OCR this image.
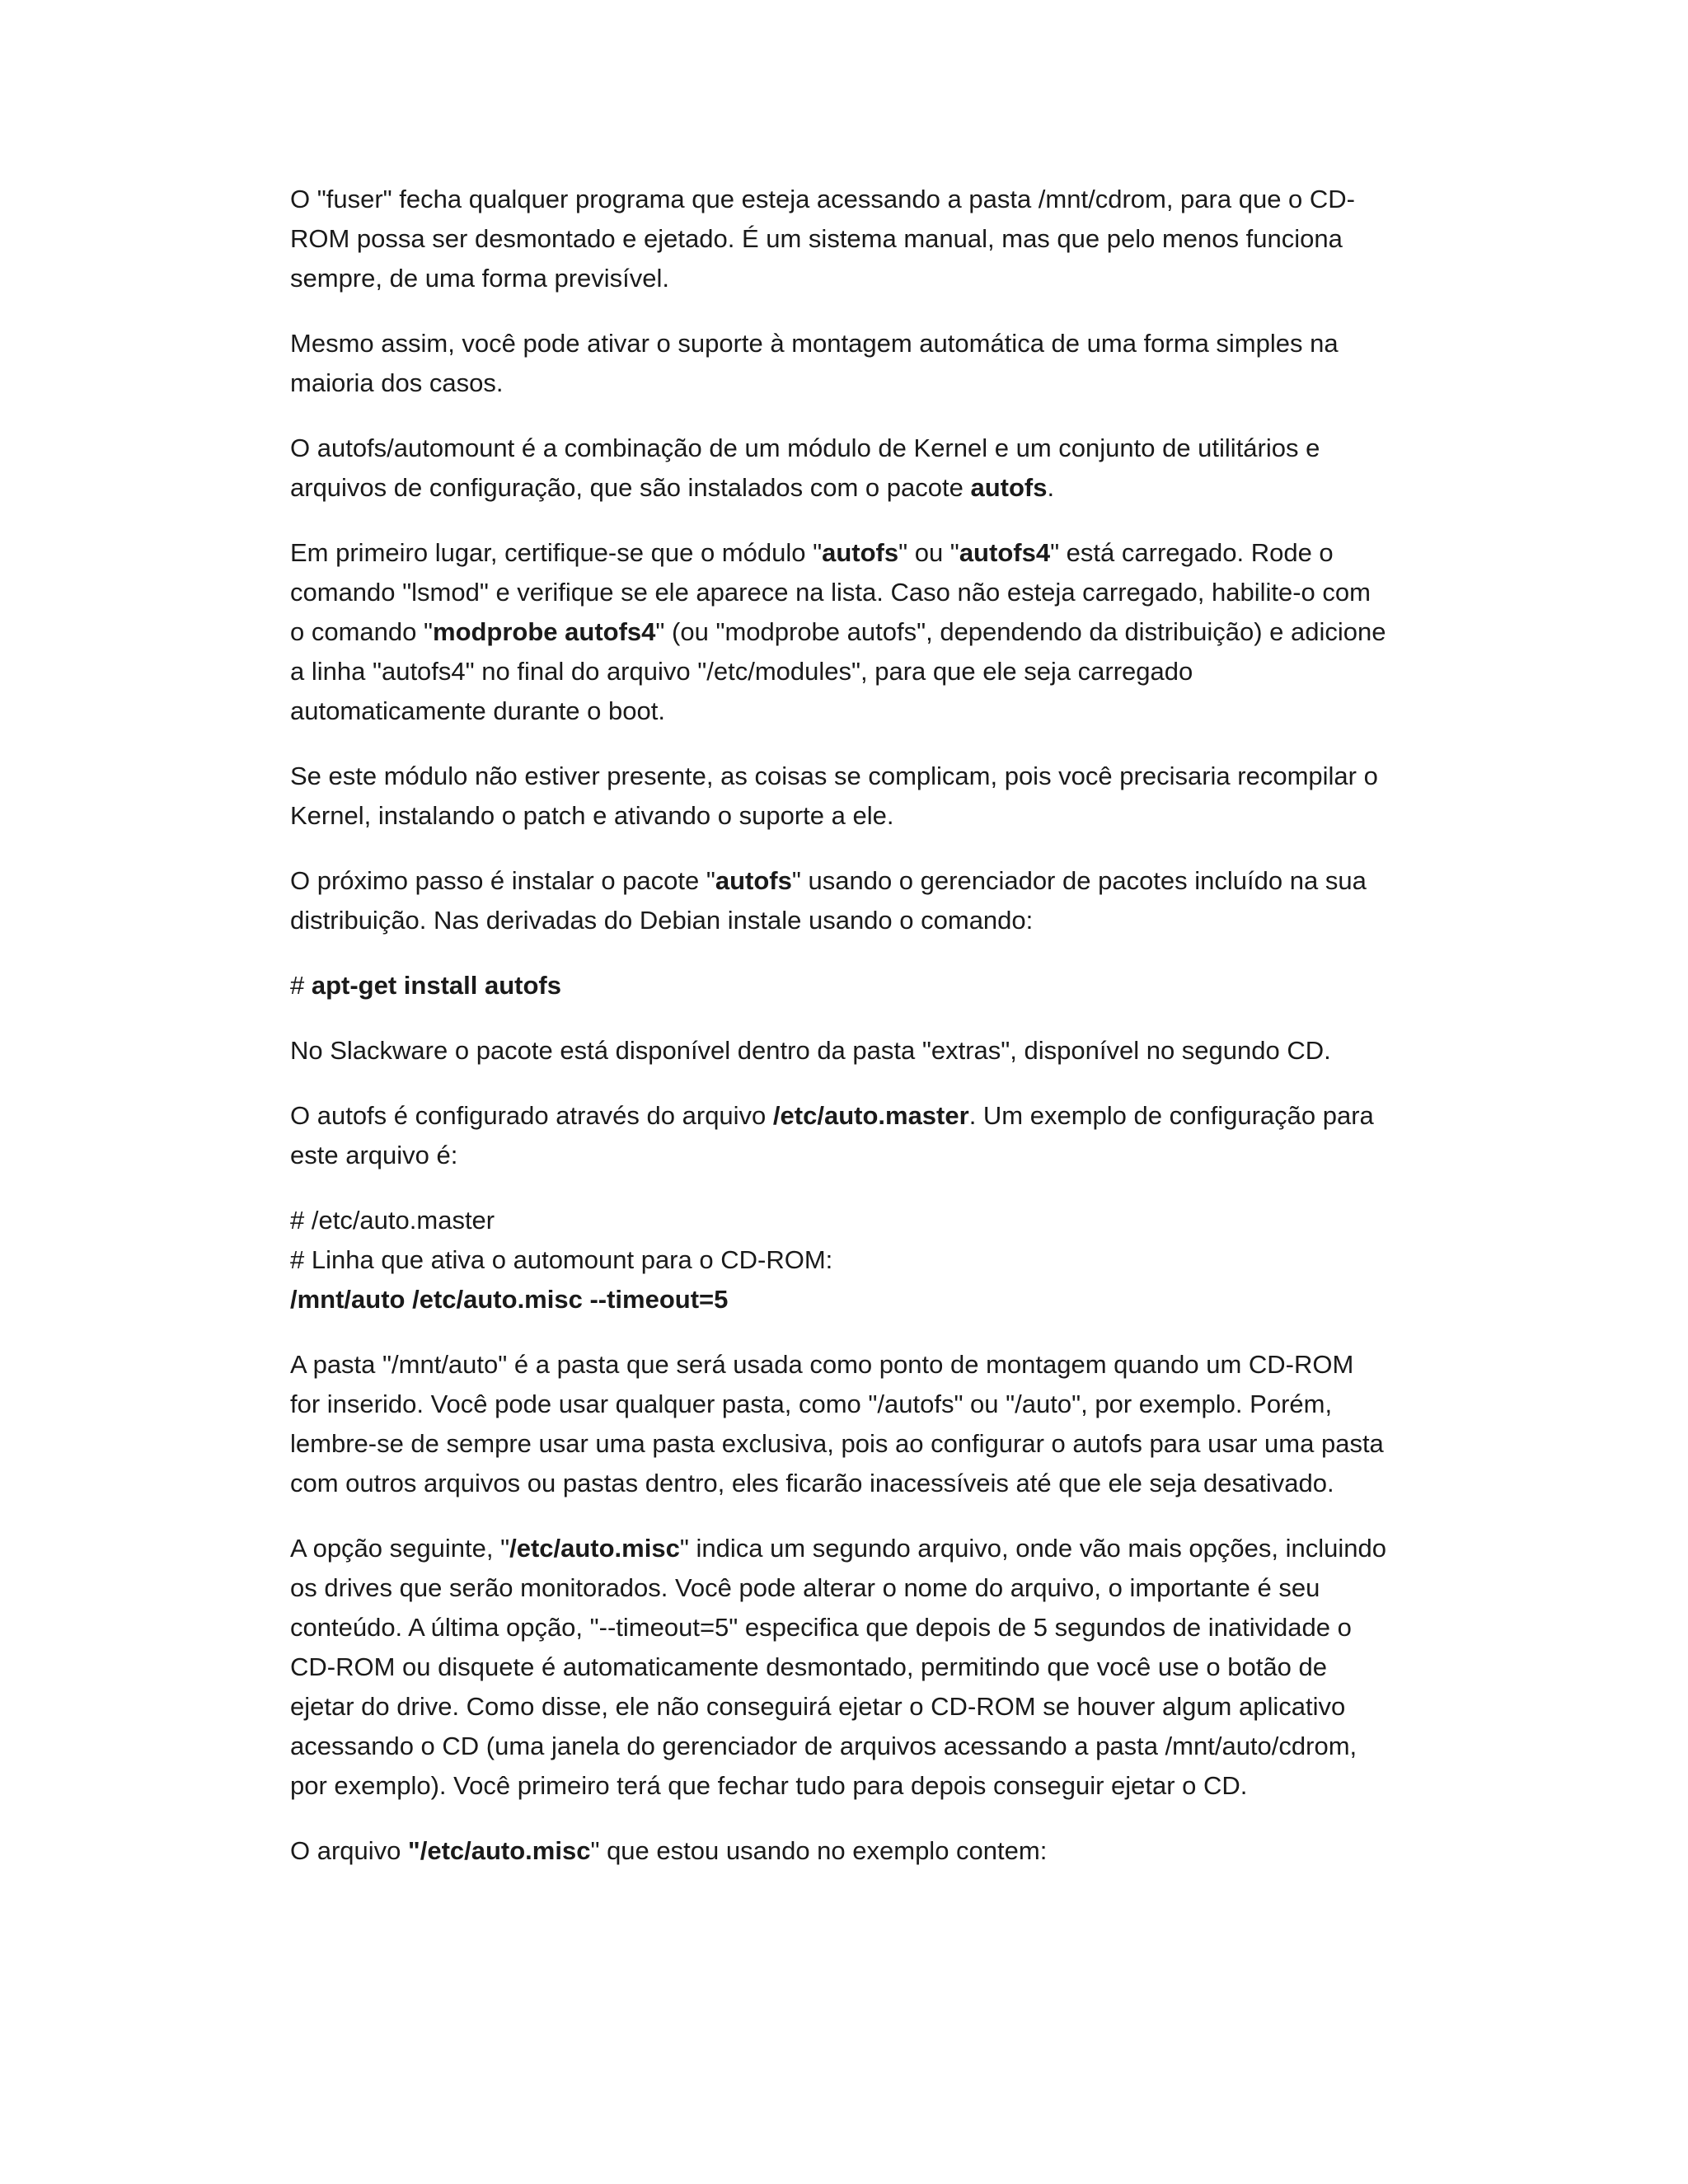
O "fuser" fecha qualquer programa que esteja acessando a pasta /mnt/cdrom, para que o CD-ROM possa ser desmontado e ejetado. É um sistema manual, mas que pelo menos funciona sempre, de uma forma previsível.

Mesmo assim, você pode ativar o suporte à montagem automática de uma forma simples na maioria dos casos.

O autofs/automount é a combinação de um módulo de Kernel e um conjunto de utilitários e arquivos de configuração, que são instalados com o pacote autofs.

Em primeiro lugar, certifique-se que o módulo "autofs" ou "autofs4" está carregado. Rode o comando "lsmod" e verifique se ele aparece na lista. Caso não esteja carregado, habilite-o com o comando "modprobe autofs4" (ou "modprobe autofs", dependendo da distribuição) e adicione a linha "autofs4" no final do arquivo "/etc/modules", para que ele seja carregado automaticamente durante o boot.

Se este módulo não estiver presente, as coisas se complicam, pois você precisaria recompilar o Kernel, instalando o patch e ativando o suporte a ele.

O próximo passo é instalar o pacote "autofs" usando o gerenciador de pacotes incluído na sua distribuição. Nas derivadas do Debian instale usando o comando:

# apt-get install autofs

No Slackware o pacote está disponível dentro da pasta "extras", disponível no segundo CD.

O autofs é configurado através do arquivo /etc/auto.master. Um exemplo de configuração para este arquivo é:

# /etc/auto.master
# Linha que ativa o automount para o CD-ROM:
/mnt/auto /etc/auto.misc --timeout=5

A pasta "/mnt/auto" é a pasta que será usada como ponto de montagem quando um CD-ROM for inserido. Você pode usar qualquer pasta, como "/autofs" ou "/auto", por exemplo. Porém, lembre-se de sempre usar uma pasta exclusiva, pois ao configurar o autofs para usar uma pasta com outros arquivos ou pastas dentro, eles ficarão inacessíveis até que ele seja desativado.

A opção seguinte, "/etc/auto.misc" indica um segundo arquivo, onde vão mais opções, incluindo os drives que serão monitorados. Você pode alterar o nome do arquivo, o importante é seu conteúdo. A última opção, "--timeout=5" especifica que depois de 5 segundos de inatividade o CD-ROM ou disquete é automaticamente desmontado, permitindo que você use o botão de ejetar do drive. Como disse, ele não conseguirá ejetar o CD-ROM se houver algum aplicativo acessando o CD (uma janela do gerenciador de arquivos acessando a pasta /mnt/auto/cdrom, por exemplo). Você primeiro terá que fechar tudo para depois conseguir ejetar o CD.

O arquivo "/etc/auto.misc" que estou usando no exemplo contem:
